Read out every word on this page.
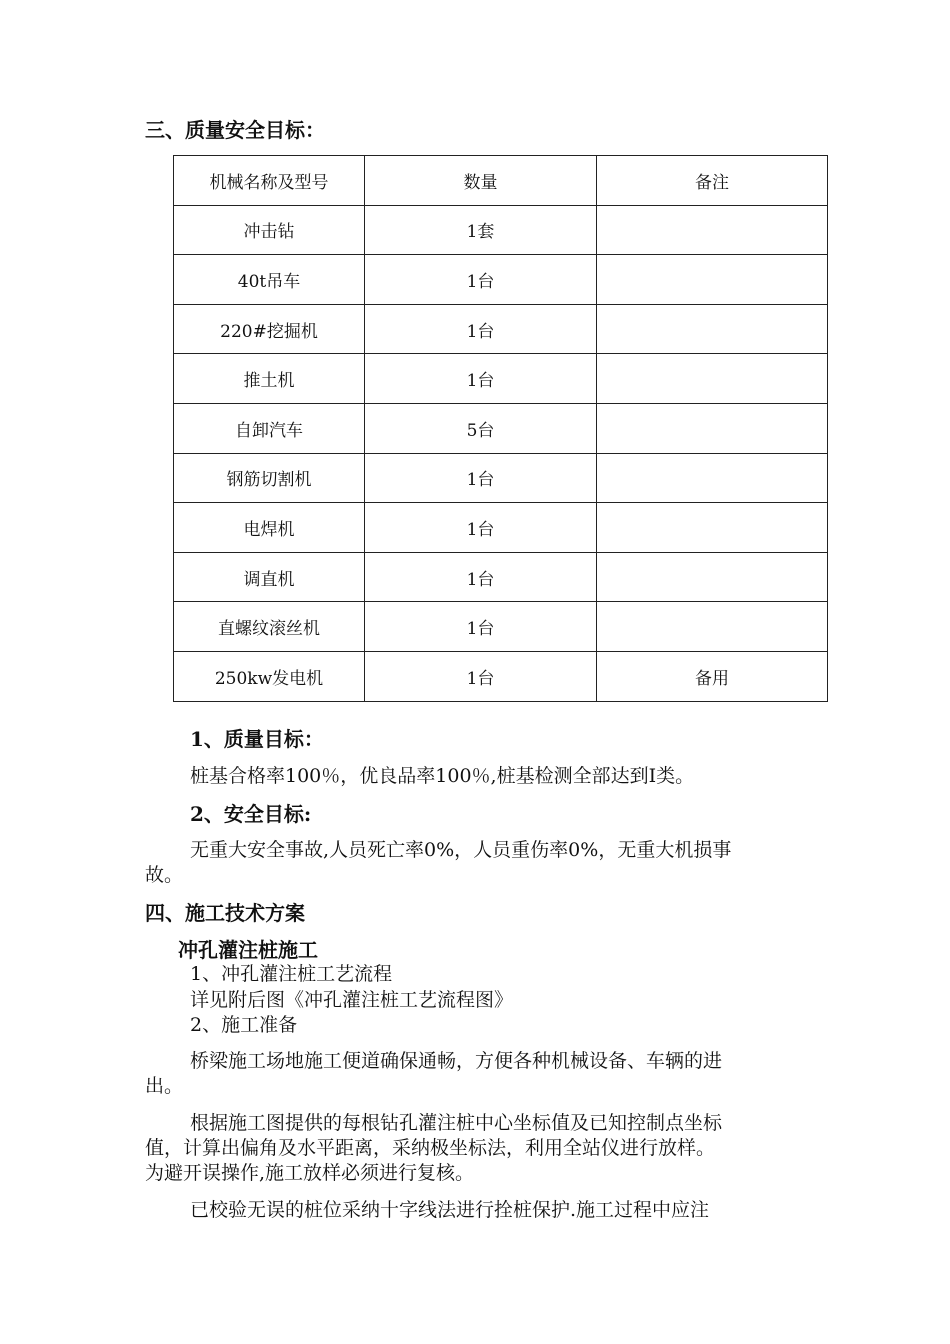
三、质量安全目标：
机械名称及型号	数量	备注
冲击钻	1套	
40t吊车	1台	
220#挖掘机	1台	
推土机	1台	
自卸汽车	5台	
钢筋切割机	1台	
电焊机	1台	
调直机	1台	
直螺纹滚丝机	1台	
250kw发电机	1台	备用
1、质量目标：
桩基合格率100％，优良品率100％,桩基检测全部达到Ⅰ类。
2、安全目标:
无重大安全事故,人员死亡率0%，人员重伤率0%，无重大机损事
故。
四、施工技术方案
冲孔灌注桩施工
1、冲孔灌注桩工艺流程
详见附后图《冲孔灌注桩工艺流程图》
2、施工准备
桥梁施工场地施工便道确保通畅，方便各种机械设备、车辆的进
出。
根据施工图提供的每根钻孔灌注桩中心坐标值及已知控制点坐标
值，计算出偏角及水平距离，采纳极坐标法，利用全站仪进行放样。
为避开误操作,施工放样必须进行复核。
已校验无误的桩位采纳十字线法进行拴桩保护.施工过程中应注
